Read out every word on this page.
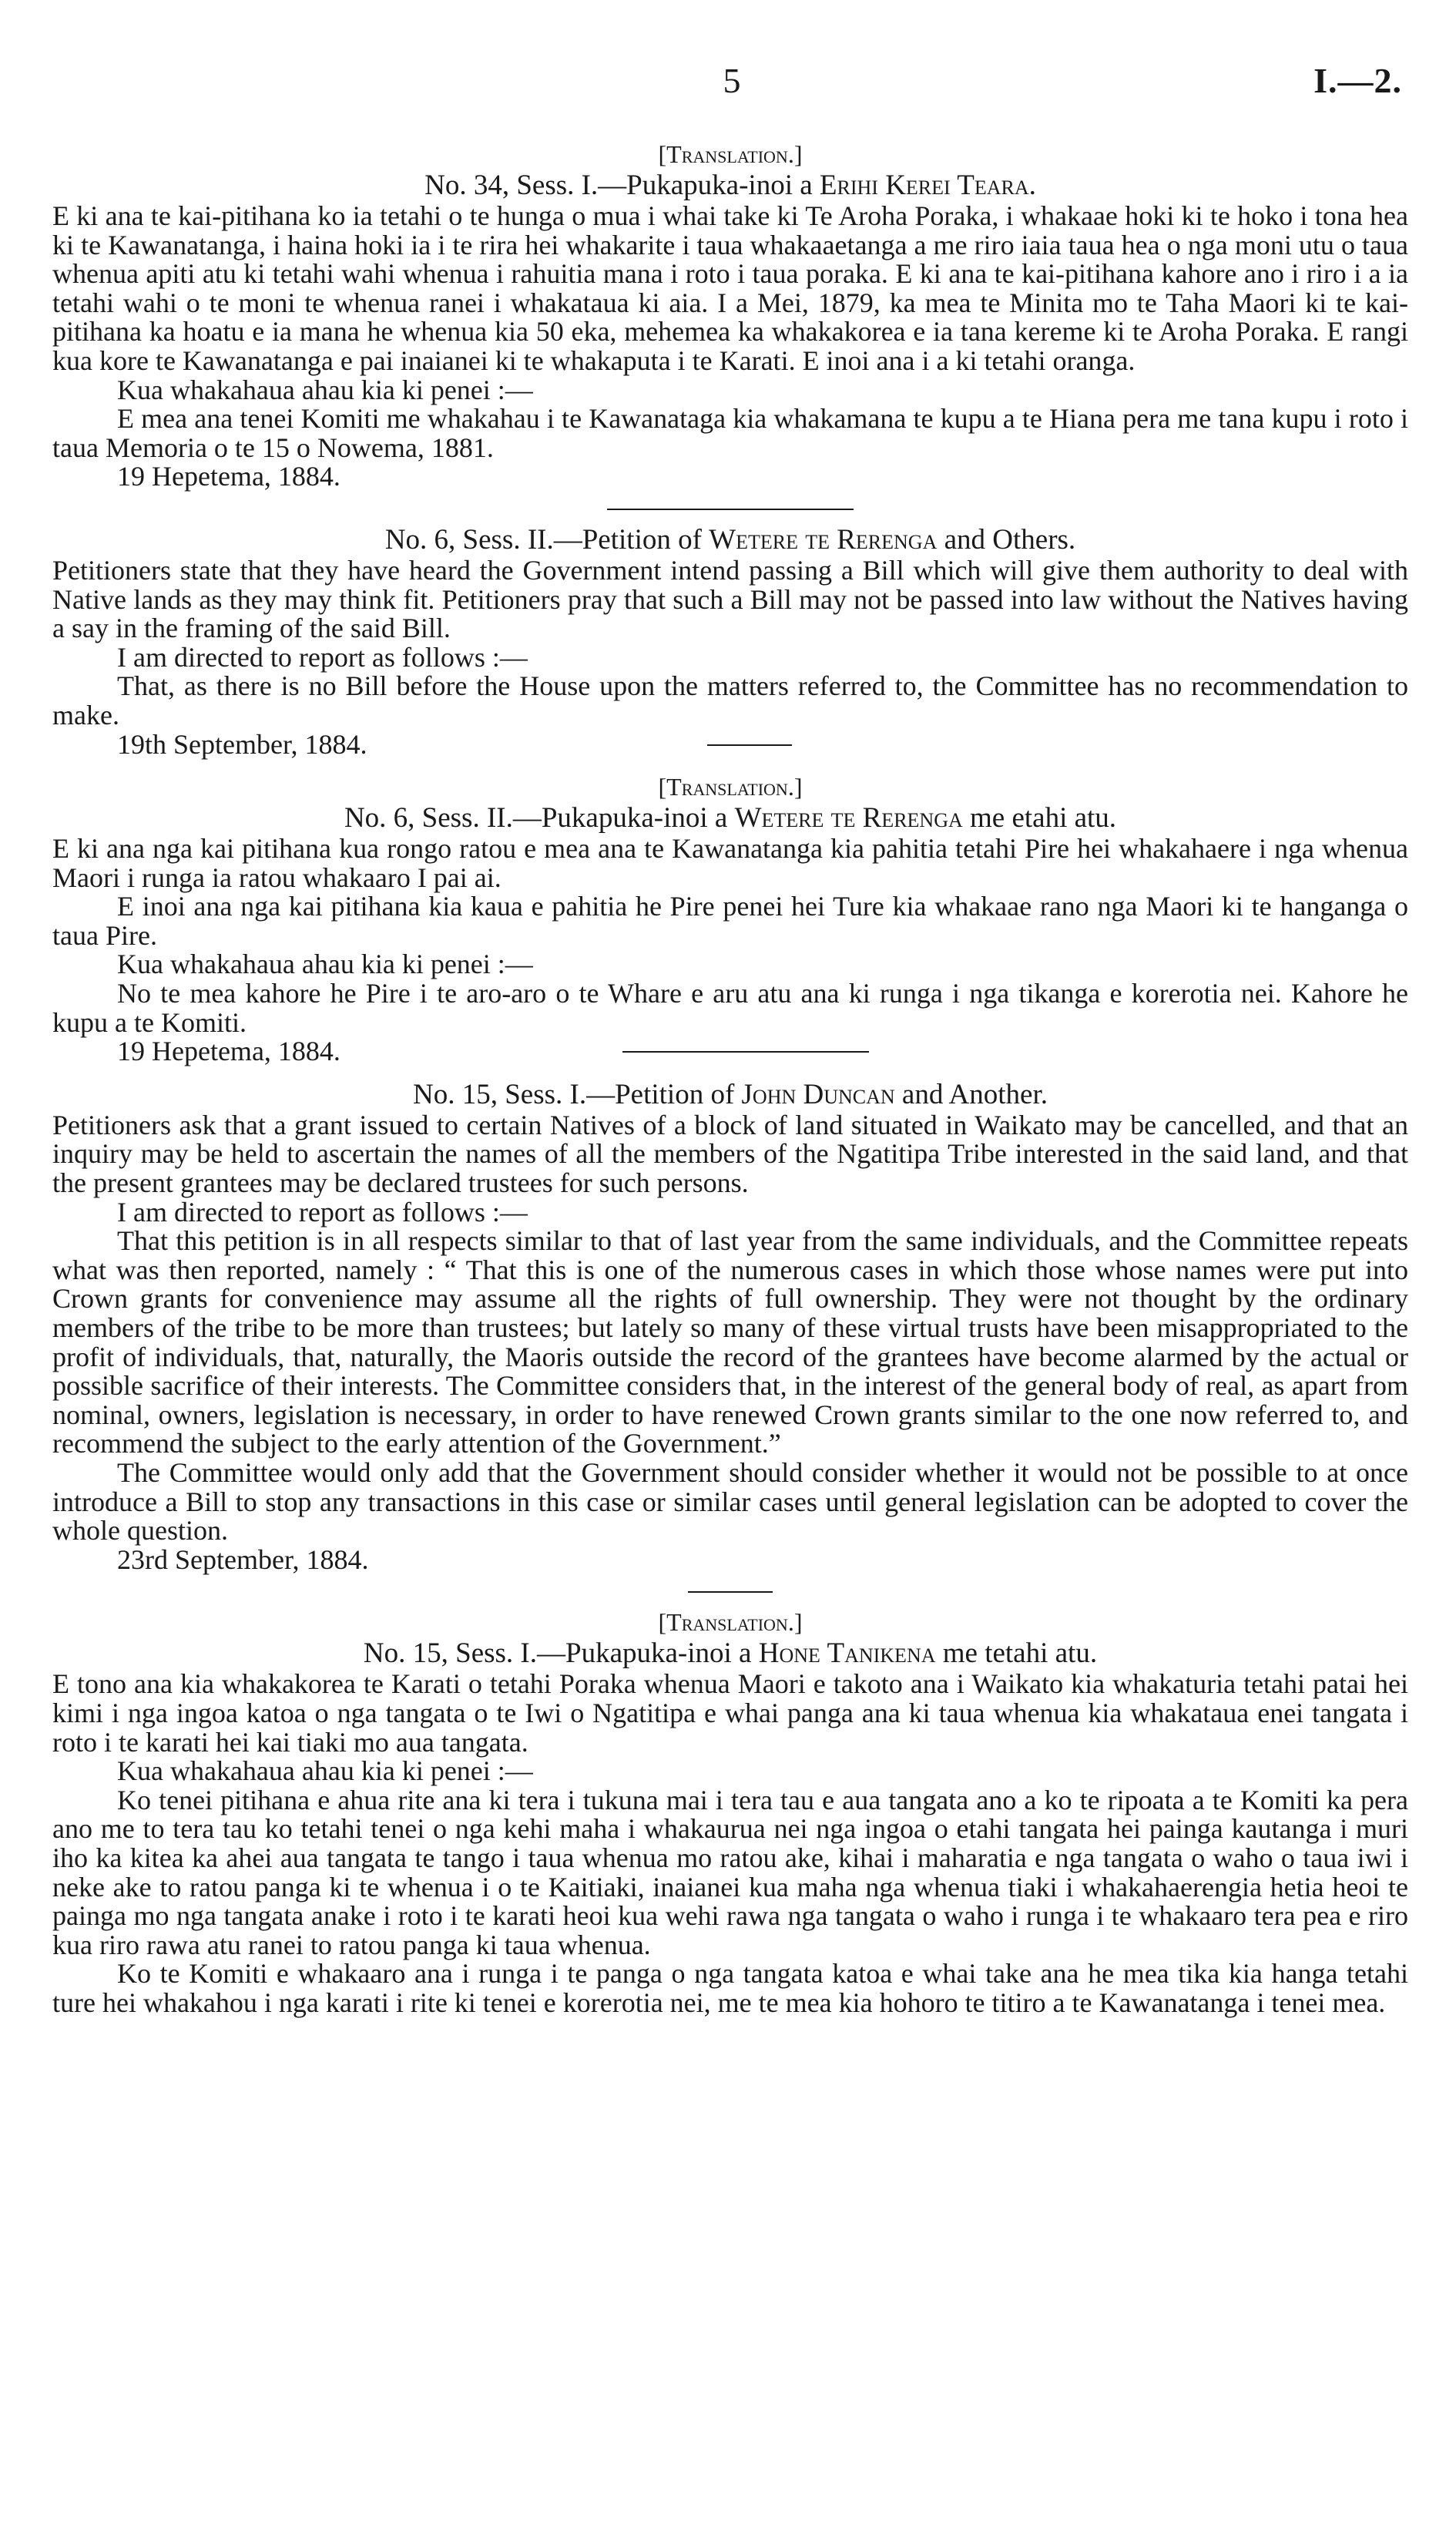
5	I.—2.

[Translation.]

No. 34, Sess. I.—Pukapuka-inoi a Erihi Kerei Teara.

E ki ana te kai-pitihana ko ia tetahi o te hunga o mua i whai take ki Te Aroha Poraka, i whakaae hoki ki te hoko i tona hea ki te Kawanatanga, i haina hoki ia i te rira hei whakarite i taua whakaaetanga a me riro iaia taua hea o nga moni utu o taua whenua apiti atu ki tetahi wahi whenua i rahuitia mana i roto i taua poraka. E ki ana te kai-pitihana kahore ano i riro i a ia tetahi wahi o te moni te whenua ranei i whakataua ki aia. I a Mei, 1879, ka mea te Minita mo te Taha Maori ki te kai-pitihana ka hoatu e ia mana he whenua kia 50 eka, mehemea ka whakakorea e ia tana kereme ki te Aroha Poraka. E rangi kua kore te Kawanatanga e pai inaianei ki te whakaputa i te Karati. E inoi ana i a ki tetahi oranga.

Kua whakahaua ahau kia ki penei :—

E mea ana tenei Komiti me whakahau i te Kawanataga kia whakamana te kupu a te Hiana pera me tana kupu i roto i taua Memoria o te 15 o Nowema, 1881.

19 Hepetema, 1884.

No. 6, Sess. II.—Petition of Wetere te Rerenga and Others.

Petitioners state that they have heard the Government intend passing a Bill which will give them authority to deal with Native lands as they may think fit. Petitioners pray that such a Bill may not be passed into law without the Natives having a say in the framing of the said Bill.

I am directed to report as follows :—

That, as there is no Bill before the House upon the matters referred to, the Committee has no recommendation to make.

19th September, 1884.

[Translation.]

No. 6, Sess. II.—Pukapuka-inoi a Wetere te Rerenga me etahi atu.

E ki ana nga kai pitihana kua rongo ratou e mea ana te Kawanatanga kia pahitia tetahi Pire hei whakahaere i nga whenua Maori i runga ia ratou whakaaro I pai ai.

E inoi ana nga kai pitihana kia kaua e pahitia he Pire penei hei Ture kia whakaae rano nga Maori ki te hanganga o taua Pire.

Kua whakahaua ahau kia ki penei :—

No te mea kahore he Pire i te aro-aro o te Whare e aru atu ana ki runga i nga tikanga e korerotia nei. Kahore he kupu a te Komiti.

19 Hepetema, 1884.

No. 15, Sess. I.—Petition of John Duncan and Another.

Petitioners ask that a grant issued to certain Natives of a block of land situated in Waikato may be cancelled, and that an inquiry may be held to ascertain the names of all the members of the Ngatitipa Tribe interested in the said land, and that the present grantees may be declared trustees for such persons.

I am directed to report as follows :—

That this petition is in all respects similar to that of last year from the same individuals, and the Committee repeats what was then reported, namely : “ That this is one of the numerous cases in which those whose names were put into Crown grants for convenience may assume all the rights of full ownership. They were not thought by the ordinary members of the tribe to be more than trustees; but lately so many of these virtual trusts have been misappropriated to the profit of individuals, that, naturally, the Maoris outside the record of the grantees have become alarmed by the actual or possible sacrifice of their interests. The Committee considers that, in the interest of the general body of real, as apart from nominal, owners, legislation is necessary, in order to have renewed Crown grants similar to the one now referred to, and recommend the subject to the early attention of the Government.”

The Committee would only add that the Government should consider whether it would not be possible to at once introduce a Bill to stop any transactions in this case or similar cases until general legislation can be adopted to cover the whole question.

23rd September, 1884.

[Translation.]

No. 15, Sess. I.—Pukapuka-inoi a Hone Tanikena me tetahi atu.

E tono ana kia whakakorea te Karati o tetahi Poraka whenua Maori e takoto ana i Waikato kia whakaturia tetahi patai hei kimi i nga ingoa katoa o nga tangata o te Iwi o Ngatitipa e whai panga ana ki taua whenua kia whakataua enei tangata i roto i te karati hei kai tiaki mo aua tangata.

Kua whakahaua ahau kia ki penei :—

Ko tenei pitihana e ahua rite ana ki tera i tukuna mai i tera tau e aua tangata ano a ko te ripoata a te Komiti ka pera ano me to tera tau ko tetahi tenei o nga kehi maha i whakaurua nei nga ingoa o etahi tangata hei painga kautanga i muri iho ka kitea ka ahei aua tangata te tango i taua whenua mo ratou ake, kihai i maharatia e nga tangata o waho o taua iwi i neke ake to ratou panga ki te whenua i o te Kaitiaki, inaianei kua maha nga whenua tiaki i whakahaerengia hetia heoi te painga mo nga tangata anake i roto i te karati heoi kua wehi rawa nga tangata o waho i runga i te whakaaro tera pea e riro kua riro rawa atu ranei to ratou panga ki taua whenua.

Ko te Komiti e whakaaro ana i runga i te panga o nga tangata katoa e whai take ana he mea tika kia hanga tetahi ture hei whakahou i nga karati i rite ki tenei e korerotia nei, me te mea kia hohoro te titiro a te Kawanatanga i tenei mea.
